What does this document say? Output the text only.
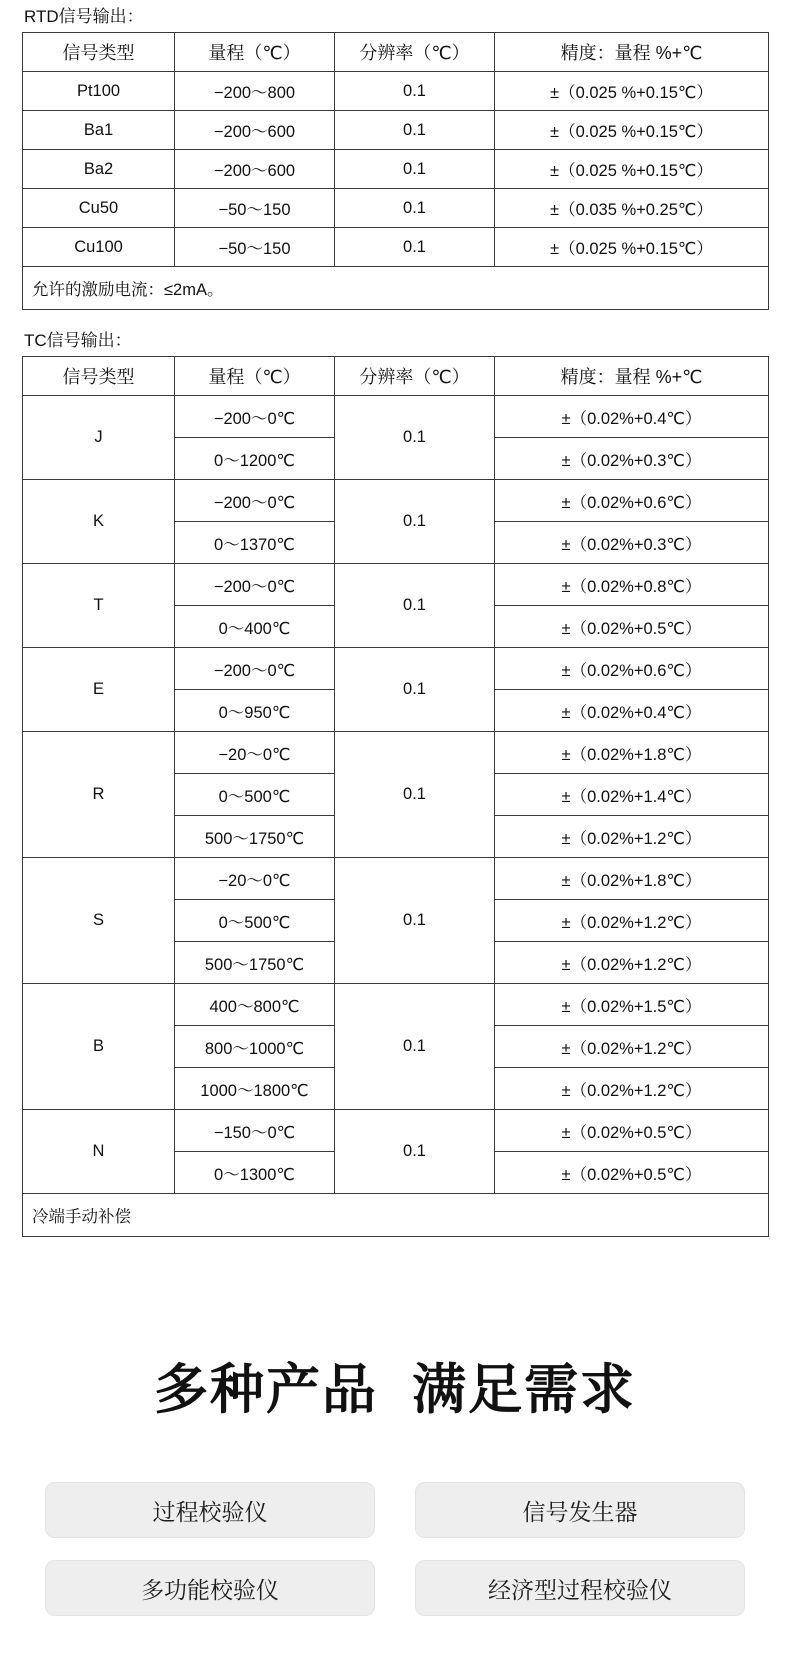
RTD信号输出：
信号类型	量程（℃）	分辨率（℃）	精度：量程 %+℃
Pt100	−200～800	0.1	±（0.025 %+0.15℃）
Ba1	−200～600	0.1	±（0.025 %+0.15℃）
Ba2	−200～600	0.1	±（0.025 %+0.15℃）
Cu50	−50～150	0.1	±（0.035 %+0.25℃）
Cu100	−50～150	0.1	±（0.025 %+0.15℃）
允许的激励电流：≤2mA。			
TC信号输出：
信号类型	量程（℃）	分辨率（℃）	精度：量程 %+℃
J	−200～0℃	0.1	±（0.02%+0.4℃）
	0～1200℃		±（0.02%+0.3℃）
K	−200～0℃	0.1	±（0.02%+0.6℃）
	0～1370℃		±（0.02%+0.3℃）
T	−200～0℃	0.1	±（0.02%+0.8℃）
	0～400℃		±（0.02%+0.5℃）
E	−200～0℃	0.1	±（0.02%+0.6℃）
	0～950℃		±（0.02%+0.4℃）
R	−20～0℃	0.1	±（0.02%+1.8℃）
	0～500℃		±（0.02%+1.4℃）
	500～1750℃		±（0.02%+1.2℃）
S	−20～0℃	0.1	±（0.02%+1.8℃）
	0～500℃		±（0.02%+1.2℃）
	500～1750℃		±（0.02%+1.2℃）
B	400～800℃	0.1	±（0.02%+1.5℃）
	800～1000℃		±（0.02%+1.2℃）
	1000～1800℃		±（0.02%+1.2℃）
N	−150～0℃	0.1	±（0.02%+0.5℃）
	0～1300℃		±（0.02%+0.5℃）
冷端手动补偿			
多种产品 满足需求
过程校验仪	信号发生器
多功能校验仪	经济型过程校验仪
